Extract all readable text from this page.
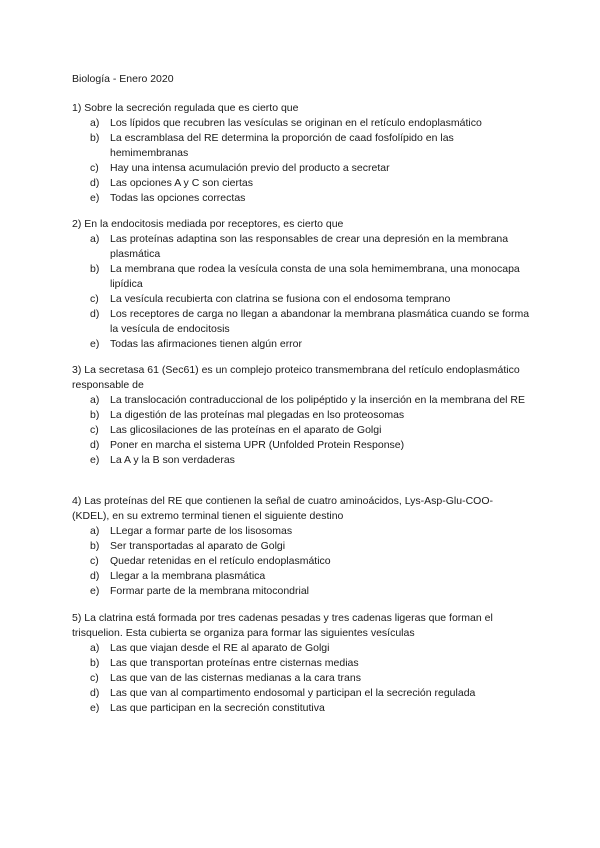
Biología - Enero 2020

1) Sobre la secreción regulada que es cierto que

a) Los lípidos que recubren las vesículas se originan en el retículo endoplasmático
b) La escramblasa del RE determina la proporción de caad fosfolípido en las hemimembranas
c) Hay una intensa acumulación previo del producto a secretar
d) Las opciones A y C son ciertas
e) Todas las opciones correctas

2) En la endocitosis mediada por receptores, es cierto que

a) Las proteínas adaptina son las responsables de crear una depresión en la membrana plasmática
b) La membrana que rodea la vesícula consta de una sola hemimembrana, una monocapa lipídica
c) La vesícula recubierta con clatrina se fusiona con el endosoma temprano
d) Los receptores de carga no llegan a abandonar la membrana plasmática cuando se forma la vesícula de endocitosis
e) Todas las afirmaciones tienen algún error

3) La secretasa 61 (Sec61) es un complejo proteico transmembrana del retículo endoplasmático responsable de

a) La translocación contraduccional de los polipéptido y la inserción en la membrana del RE
b) La digestión de las proteínas mal plegadas en lso proteosomas
c) Las glicosilaciones de las proteínas en el aparato de Golgi
d) Poner en marcha el sistema UPR (Unfolded Protein Response)
e) La A y la B son verdaderas

4) Las proteínas del RE que contienen la señal de cuatro aminoácidos, Lys-Asp-Glu-COO- (KDEL), en su extremo terminal tienen el siguiente destino

a) LLegar a formar parte de los lisosomas
b) Ser transportadas al aparato de Golgi
c) Quedar retenidas en el retículo endoplasmático
d) Llegar a la membrana plasmática
e) Formar parte de la membrana mitocondrial

5) La clatrina está formada por tres cadenas pesadas y tres cadenas ligeras que forman el trisquelion. Esta cubierta se organiza para formar las siguientes vesículas

a) Las que viajan desde el RE al aparato de Golgi
b) Las que transportan proteínas entre cisternas medias
c) Las que van de las cisternas medianas a la cara trans
d) Las que van al compartimento endosomal y participan el la secreción regulada
e) Las que participan en la secreción constitutiva
